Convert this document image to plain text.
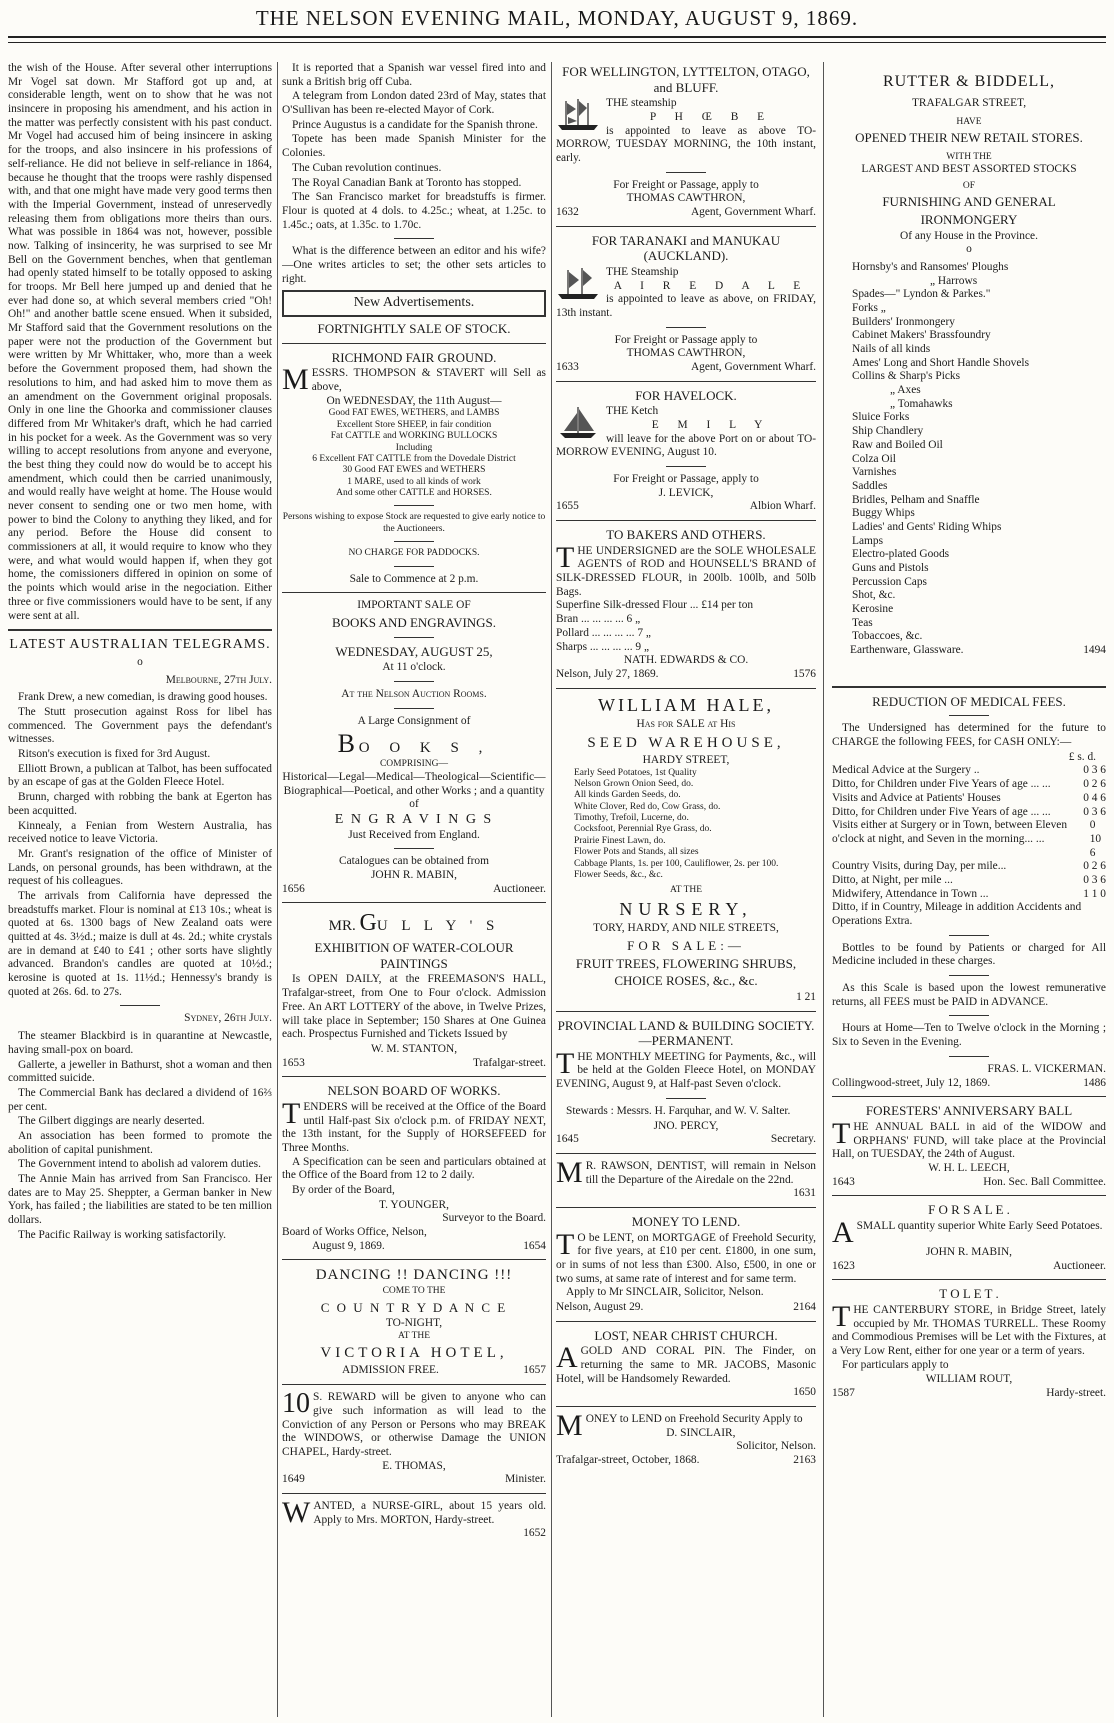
THE NELSON EVENING MAIL, MONDAY, AUGUST 9, 1869.
the wish of the House. After several other interruptions Mr Vogel sat down. Mr Stafford got up and, at considerable length, went on to show that he was not insincere in proposing his amendment, and his action in the matter was perfectly consistent with his past conduct. Mr Vogel had accused him of being insincere in asking for the troops, and also insincere in his professions of self-reliance. He did not believe in self-reliance in 1864, because he thought that the troops were rashly dispensed with, and that one might have made very good terms then with the Imperial Government, instead of unreservedly releasing them from obligations more theirs than ours. What was possible in 1864 was not, however, possible now. Talking of insincerity, he was surprised to see Mr Bell on the Government benches, when that gentleman had openly stated himself to be totally opposed to asking for troops. Mr Bell here jumped up and denied that he ever had done so, at which several members cried "Oh! Oh!" and another battle scene ensued. When it subsided, Mr Stafford said that the Government resolutions on the paper were not the production of the Government but were written by Mr Whittaker, who, more than a week before the Government proposed them, had shown the resolutions to him, and had asked him to move them as an amendment on the Government original proposals. Only in one line the Ghoorka and commissioner clauses differed from Mr Whitaker's draft, which he had carried in his pocket for a week. As the Government was so very willing to accept resolutions from anyone and everyone, the best thing they could now do would be to accept his amendment, which could then be carried unanimously, and would really have weight at home. The House would never consent to sending one or two men home, with power to bind the Colony to anything they liked, and for any period. Before the House did consent to commissioners at all, it would require to know who they were, and what would would happen if, when they got home, the comissioners differed in opinion on some of the points which would arise in the negociation. Either three or five commissioners would have to be sent, if any were sent at all.
LATEST AUSTRALIAN TELEGRAMS.
o
Melbourne, 27th July.
Frank Drew, a new comedian, is drawing good houses.
The Stutt prosecution against Ross for libel has commenced. The Government pays the defendant's witnesses.
Ritson's execution is fixed for 3rd August.
Elliott Brown, a publican at Talbot, has been suffocated by an escape of gas at the Golden Fleece Hotel.
Brunn, charged with robbing the bank at Egerton has been acquitted.
Kinnealy, a Fenian from Western Australia, has received notice to leave Victoria.
Mr. Grant's resignation of the office of Minister of Lands, on personal grounds, has been withdrawn, at the request of his colleagues.
The arrivals from California have depressed the breadstuffs market. Flour is nominal at £13 10s.; wheat is quoted at 6s. 1300 bags of New Zealand oats were quitted at 4s. 3½d.; maize is dull at 4s. 2d.; white crystals are in demand at £40 to £41 ; other sorts have slightly advanced. Brandon's candles are quoted at 10½d.; kerosine is quoted at 1s. 11½d.; Hennessy's brandy is quoted at 26s. 6d. to 27s.
Sydney, 26th July.
The steamer Blackbird is in quarantine at Newcastle, having small-pox on board.
Gallerte, a jeweller in Bathurst, shot a woman and then committed suicide.
The Commercial Bank has declared a dividend of 16⅔ per cent.
The Gilbert diggings are nearly deserted.
An association has been formed to promote the abolition of capital punishment.
The Government intend to abolish ad valorem duties.
The Annie Main has arrived from San Francisco. Her dates are to May 25. Sheppter, a German banker in New York, has failed ; the liabilities are stated to be ten million dollars.
The Pacific Railway is working satisfactorily.
It is reported that a Spanish war vessel fired into and sunk a British brig off Cuba.
A telegram from London dated 23rd of May, states that O'Sullivan has been re-elected Mayor of Cork.
Prince Augustus is a candidate for the Spanish throne.
Topete has been made Spanish Minister for the Colonies.
The Cuban revolution continues.
The Royal Canadian Bank at Toronto has stopped.
The San Francisco market for breadstuffs is firmer. Flour is quoted at 4 dols. to 4.25c.; wheat, at 1.25c. to 1.45c.; oats, at 1.35c. to 1.70c.
What is the difference between an editor and his wife?—One writes articles to set; the other sets articles to right.
New Advertisements.
FORTNIGHTLY SALE OF STOCK.
RICHMOND FAIR GROUND.
MESSRS. THOMPSON & STAVERT will Sell as above,
On WEDNESDAY, the 11th August—
Good FAT EWES, WETHERS, and LAMBS
Excellent Store SHEEP, in fair condition
Fat CATTLE and WORKING BULLOCKS
Including
6 Excellent FAT CATTLE from the Dovedale District
30 Good FAT EWES and WETHERS
1 MARE, used to all kinds of work
And some other CATTLE and HORSES.
Persons wishing to expose Stock are requested to give early notice to the Auctioneers.
NO CHARGE FOR PADDOCKS.
Sale to Commence at 2 p.m.
IMPORTANT SALE OF
BOOKS AND ENGRAVINGS.
WEDNESDAY, AUGUST 25,
At 11 o'clock.
At the Nelson Auction Rooms.
A Large Consignment of
B O O K S ,
COMPRISING—
Historical—Legal—Medical—Theological—Scientific—Biographical—Poetical, and other Works ; and a quantity of
E N G R A V I N G S
Just Received from England.
Catalogues can be obtained from
JOHN R. MABIN,
1656	Auctioneer.
MR. GU L L Y ' S
EXHIBITION OF WATER-COLOUR PAINTINGS
Is OPEN DAILY, at the FREEMASON'S HALL, Trafalgar-street, from One to Four o'clock. Admission Free. An ART LOTTERY of the above, in Twelve Prizes, will take place in September; 150 Shares at One Guinea each. Prospectus Furnished and Tickets Issued by
W. M. STANTON,
1653	Trafalgar-street.
NELSON BOARD OF WORKS.
TENDERS will be received at the Office of the Board until Half-past Six o'clock p.m. of FRIDAY NEXT, the 13th instant, for the Supply of HORSEFEED for Three Months.
A Specification can be seen and particulars obtained at the Office of the Board from 12 to 2 daily.
By order of the Board,
T. YOUNGER,
Surveyor to the Board.
Board of Works Office, Nelson,
August 9, 1869.	1654
DANCING !! DANCING !!!
COME TO THE
C O U N T R Y D A N C E
TO-NIGHT,
AT THE
VICTORIA HOTEL,
ADMISSION FREE.	1657
10 S. REWARD will be given to anyone who can give such information as will lead to the Conviction of any Person or Persons who may BREAK the WINDOWS, or otherwise Damage the UNION CHAPEL, Hardy-street.
E. THOMAS,
1649	Minister.
WANTED, a NURSE-GIRL, about 15 years old. Apply to Mrs. MORTON, Hardy-street.
1652
FOR WELLINGTON, LYTTELTON, OTAGO, and BLUFF.
THE steamship
P H Œ B E
is appointed to leave as above TO-MORROW, TUESDAY MORNING, the 10th instant, early.
For Freight or Passage, apply to
THOMAS CAWTHRON,
1632	Agent, Government Wharf.
FOR TARANAKI and MANUKAU (AUCKLAND).
THE Steamship
A I R E D A L E
is appointed to leave as above, on FRIDAY, 13th instant.
For Freight or Passage apply to
THOMAS CAWTHRON,
1633	Agent, Government Wharf.
FOR HAVELOCK.
THE Ketch
E M I L Y
will leave for the above Port on or about TO-MORROW EVENING, August 10.
For Freight or Passage, apply to
J. LEVICK,
1655	Albion Wharf.
TO BAKERS AND OTHERS.
THE UNDERSIGNED are the SOLE WHOLESALE AGENTS of ROD and HOUNSELL'S BRAND of SILK-DRESSED FLOUR, in 200lb. 100lb, and 50lb Bags.
Superfine Silk-dressed Flour ... £14 per ton
Bran ... ... ... ... 6 „
Pollard ... ... ... ... 7 „
Sharps ... ... ... ... 9 „
NATH. EDWARDS & CO.
Nelson, July 27, 1869.	1576
WILLIAM HALE,
Has for SALE at His
SEED WAREHOUSE,
HARDY STREET,
Early Seed Potatoes, 1st Quality
Nelson Grown Onion Seed, do.
All kinds Garden Seeds, do.
White Clover, Red do, Cow Grass, do.
Timothy, Trefoil, Lucerne, do.
Cocksfoot, Perennial Rye Grass, do.
Prairie Finest Lawn, do.
Flower Pots and Stands, all sizes
Cabbage Plants, 1s. per 100, Cauliflower, 2s. per 100.
Flower Seeds, &c., &c.
AT THE
NURSERY,
TORY, HARDY, AND NILE STREETS,
FOR SALE:—
FRUIT TREES, FLOWERING SHRUBS,
CHOICE ROSES, &c., &c.
1 21
PROVINCIAL LAND & BUILDING SOCIETY.—PERMANENT.
THE MONTHLY MEETING for Payments, &c., will be held at the Golden Fleece Hotel, on MONDAY EVENING, August 9, at Half-past Seven o'clock.
Stewards : Messrs. H. Farquhar, and W. V. Salter.
JNO. PERCY,
1645	Secretary.
M R. RAWSON, DENTIST, will remain in Nelson till the Departure of the Airedale on the 22nd.
1631
MONEY TO LEND.
T O be LENT, on MORTGAGE of Freehold Security, for five years, at £10 per cent. £1800, in one sum, or in sums of not less than £300. Also, £500, in one or two sums, at same rate of interest and for same term.
Apply to Mr SINCLAIR, Solicitor, Nelson.
Nelson, August 29.	2164
LOST, NEAR CHRIST CHURCH.
AGOLD AND CORAL PIN. The Finder, on returning the same to MR. JACOBS, Masonic Hotel, will be Handsomely Rewarded.
1650
MONEY to LEND on Freehold Security Apply to
D. SINCLAIR,
Solicitor, Nelson.
Trafalgar-street, October, 1868.	2163
RUTTER & BIDDELL,
TRAFALGAR STREET,
HAVE
OPENED THEIR NEW RETAIL STORES.
WITH THE
LARGEST AND BEST ASSORTED STOCKS
OF
FURNISHING AND GENERAL
IRONMONGERY
Of any House in the Province.
o
Hornsby's and Ransomes' Ploughs
„ Harrows
Spades—" Lyndon & Parkes."
Forks „
Builders' Ironmongery
Cabinet Makers' Brassfoundry
Nails of all kinds
Ames' Long and Short Handle Shovels
Collins & Sharp's Picks
„ Axes
„ Tomahawks
Sluice Forks
Ship Chandlery
Raw and Boiled Oil
Colza Oil
Varnishes
Saddles
Bridles, Pelham and Snaffle
Buggy Whips
Ladies' and Gents' Riding Whips
Lamps
Electro-plated Goods
Guns and Pistols
Percussion Caps
Shot, &c.
Kerosine
Teas
Tobaccoes, &c.
Earthenware, Glassware.	1494
REDUCTION OF MEDICAL FEES.
The Undersigned has determined for the future to CHARGE the following FEES, for CASH ONLY:—
£ s. d.
Medical Advice at the Surgery ..	0 3 6
Ditto, for Children under Five Years of age ... ...	0 2 6
Visits and Advice at Patients' Houses	0 4 6
Ditto, for Children under Five Years of age ... ...	0 3 6
Visits either at Surgery or in Town, between Eleven o'clock at night, and Seven in the morning... ...
0 10 6
Country Visits, during Day, per mile...	0 2 6
Ditto, at Night, per mile ...	0 3 6
Midwifery, Attendance in Town ...	1 1 0
Ditto, if in Country, Mileage in addition Accidents and Operations Extra.
Bottles to be found by Patients or charged for All Medicine included in these charges.
As this Scale is based upon the lowest remunerative returns, all FEES must be PAID in ADVANCE.
Hours at Home—Ten to Twelve o'clock in the Morning ; Six to Seven in the Evening.
FRAS. L. VICKERMAN.
Collingwood-street, July 12, 1869.	1486
FORESTERS' ANNIVERSARY BALL
THE ANNUAL BALL in aid of the WIDOW and ORPHANS' FUND, will take place at the Provincial Hall, on TUESDAY, the 24th of August.
W. H. L. LEECH,
1643	Hon. Sec. Ball Committee.
F O R S A L E .
ASMALL quantity superior White Early Seed Potatoes.
JOHN R. MABIN,
1623	Auctioneer.
T O L E T .
THE CANTERBURY STORE, in Bridge Street, lately occupied by Mr. THOMAS TURRELL. These Roomy and Commodious Premises will be Let with the Fixtures, at a Very Low Rent, either for one year or a term of years.
For particulars apply to
WILLIAM ROUT,
1587	Hardy-street.
